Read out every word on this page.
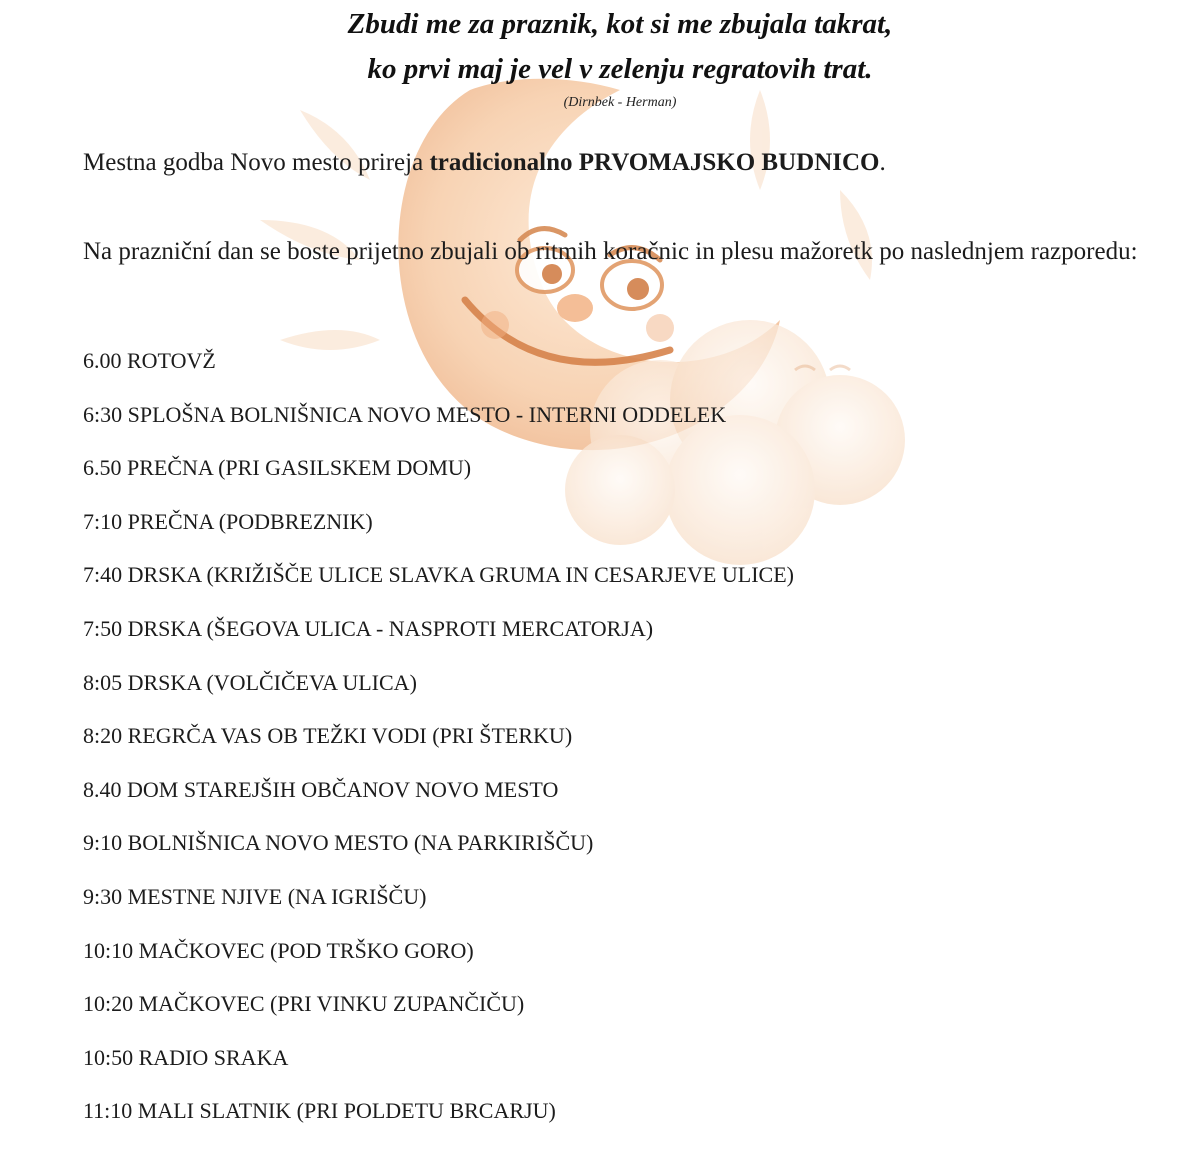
Zbudi me za praznik, kot si me zbujala takrat,
ko prvi maj je vel v zelenju regratovih trat.
(Dirnbek - Herman)

Mestna godba Novo mesto prireja tradicionalno PRVOMAJSKO BUDNICO.

Na prazniční dan se boste prijetno zbujali ob ritmih koračnic in plesu mažoretk po naslednjem razporedu:

6.00 ROTOVŽ
6:30 SPLOŠNA BOLNIŠNICA NOVO MESTO - INTERNI ODDELEK
6.50 PREČNA (PRI GASILSKEM DOMU)
7:10 PREČNA (PODBREZNIK)
7:40 DRSKA (KRIŽIŠČE ULICE SLAVKA GRUMA IN CESARJEVE ULICE)
7:50 DRSKA (ŠEGOVA ULICA - NASPROTI MERCATORJA)
8:05 DRSKA (VOLČIČEVA ULICA)
8:20 REGRČA VAS OB TEŽKI VODI (PRI ŠTERKU)
8.40 DOM STAREJŠIH OBČANOV NOVO MESTO
9:10 BOLNIŠNICA NOVO MESTO (NA PARKIRIŠČU)
9:30 MESTNE NJIVE (NA IGRIŠČU)
10:10 MAČKOVEC (POD TRŠKO GORO)
10:20 MAČKOVEC (PRI VINKU ZUPANČIČU)
10:50 RADIO SRAKA
11:10 MALI SLATNIK (PRI POLDETU BRCARJU)
